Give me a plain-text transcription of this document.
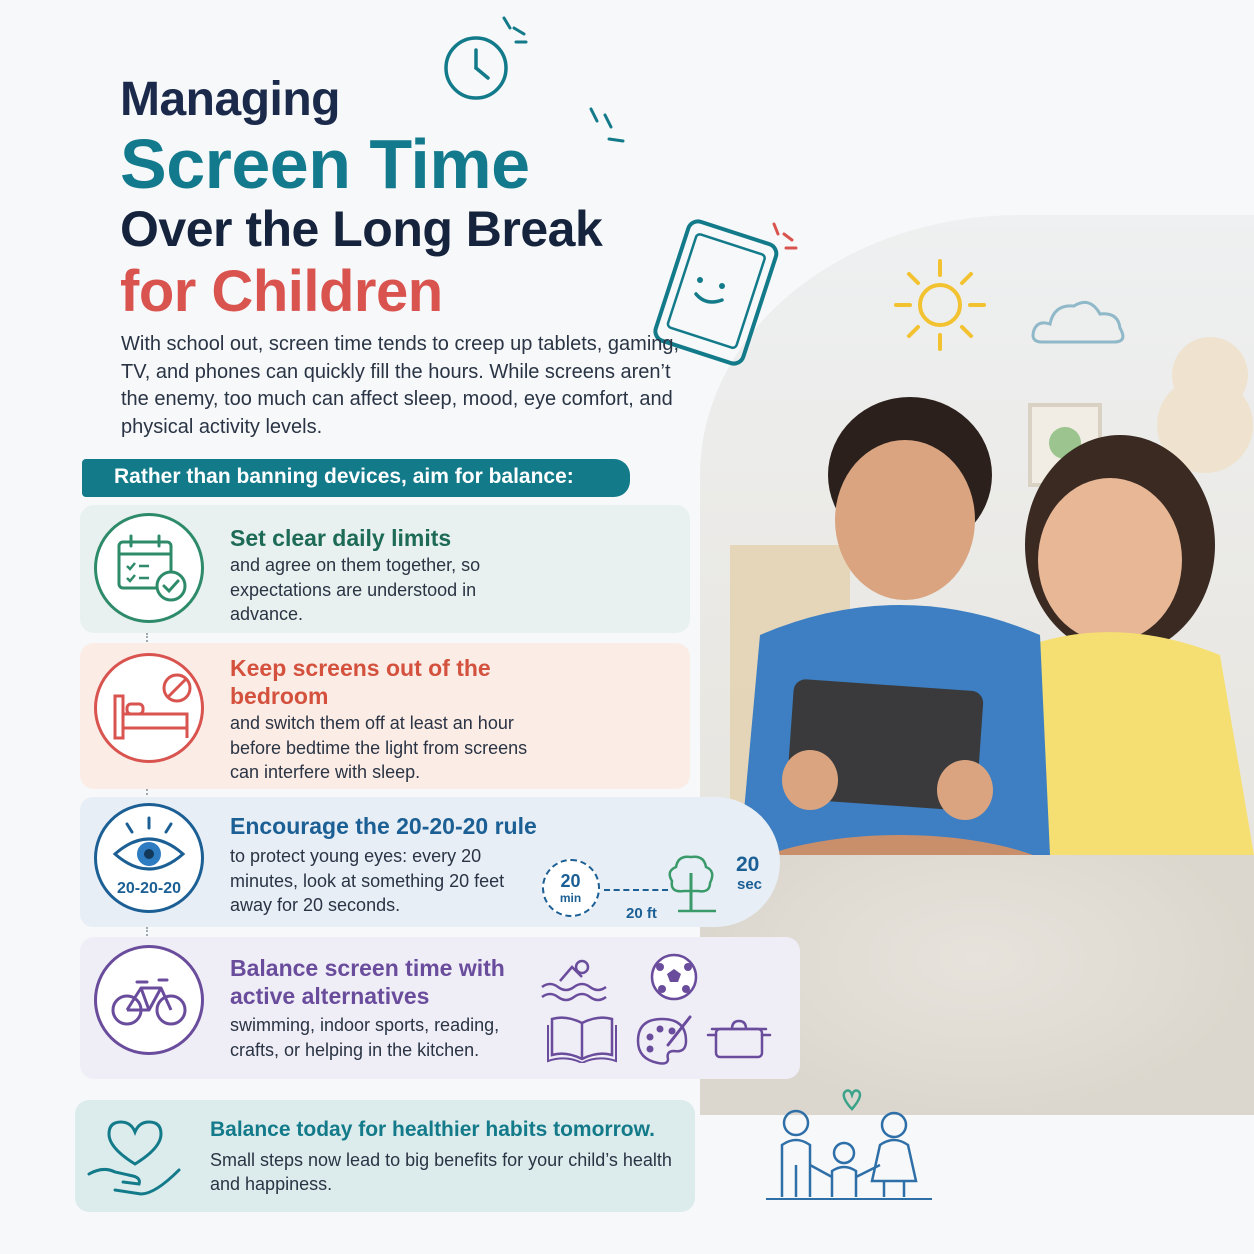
Managing
Screen Time
Over the Long Break
for Children

With school out, screen time tends to creep up tablets, gaming, TV, and phones can quickly fill the hours. While screens aren’t the enemy, too much can affect sleep, mood, eye comfort, and physical activity levels.

Rather than banning devices, aim for balance:
Set clear daily limits
and agree on them together, so expectations are understood in advance.
Keep screens out of the bedroom
and switch them off at least an hour before bedtime the light from screens can interfere with sleep.
20-20-20
Encourage the 20-20-20 rule
to protect young eyes: every 20 minutes, look at something 20 feet away for 20 seconds.
20
min
20 ft
20
sec
Balance screen time with active alternatives
swimming, indoor sports, reading, crafts, or helping in the kitchen.
Balance today for healthier habits tomorrow.
Small steps now lead to big benefits for your child’s health and happiness.
